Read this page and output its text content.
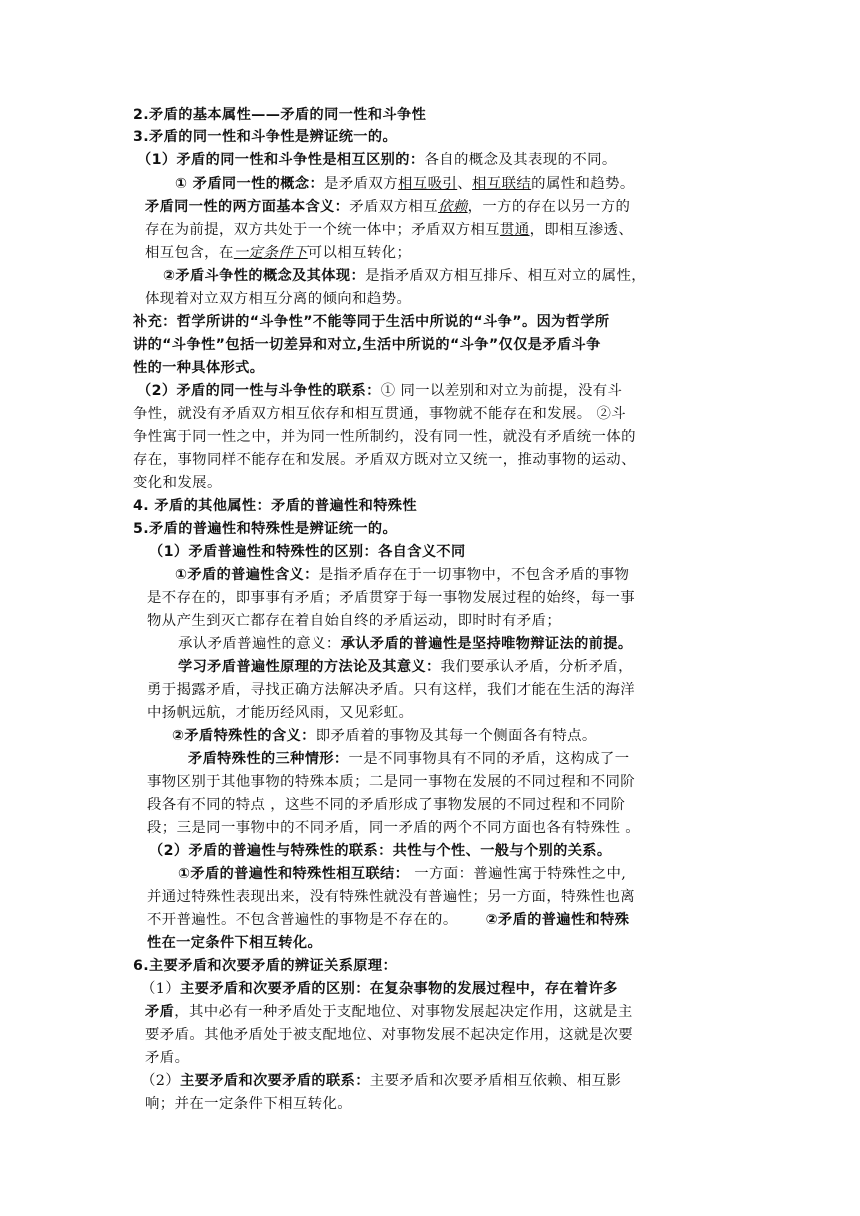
2.矛盾的基本属性——矛盾的同一性和斗争性
3.矛盾的同一性和斗争性是辨证统一的。
（1）矛盾的同一性和斗争性是相互区别的：各自的概念及其表现的不同。
① 矛盾同一性的概念：是矛盾双方相互吸引、相互联结的属性和趋势。
矛盾同一性的两方面基本含义：矛盾双方相互依赖，一方的存在以另一方的
存在为前提，双方共处于一个统一体中；矛盾双方相互贯通，即相互渗透、
相互包含，在一定条件下可以相互转化；
②矛盾斗争性的概念及其体现：是指矛盾双方相互排斥、相互对立的属性，
体现着对立双方相互分离的倾向和趋势。
补充：哲学所讲的“斗争性”不能等同于生活中所说的“斗争”。因为哲学所
讲的“斗争性”包括一切差异和对立,生活中所说的“斗争”仅仅是矛盾斗争
性的一种具体形式。
（2）矛盾的同一性与斗争性的联系：① 同一以差别和对立为前提，没有斗
争性，就没有矛盾双方相互依存和相互贯通，事物就不能存在和发展。 ②斗
争性寓于同一性之中，并为同一性所制约，没有同一性，就没有矛盾统一体的
存在，事物同样不能存在和发展。矛盾双方既对立又统一，推动事物的运动、
变化和发展。
4. 矛盾的其他属性：矛盾的普遍性和特殊性
5.矛盾的普遍性和特殊性是辨证统一的。
（1）矛盾普遍性和特殊性的区别：各自含义不同
①矛盾的普遍性含义：是指矛盾存在于一切事物中，不包含矛盾的事物
是不存在的，即事事有矛盾；矛盾贯穿于每一事物发展过程的始终，每一事
物从产生到灭亡都存在着自始自终的矛盾运动，即时时有矛盾；
承认矛盾普遍性的意义：承认矛盾的普遍性是坚持唯物辩证法的前提。
学习矛盾普遍性原理的方法论及其意义：我们要承认矛盾，分析矛盾，
勇于揭露矛盾，寻找正确方法解决矛盾。只有这样，我们才能在生活的海洋
中扬帆远航，才能历经风雨，又见彩虹。
②矛盾特殊性的含义：即矛盾着的事物及其每一个侧面各有特点。
矛盾特殊性的三种情形：一是不同事物具有不同的矛盾，这构成了一
事物区别于其他事物的特殊本质；二是同一事物在发展的不同过程和不同阶
段各有不同的特点 ，这些不同的矛盾形成了事物发展的不同过程和不同阶
段；三是同一事物中的不同矛盾，同一矛盾的两个不同方面也各有特殊性 。
（2）矛盾的普遍性与特殊性的联系：共性与个性、一般与个别的关系。
①矛盾的普遍性和特殊性相互联结： 一方面：普遍性寓于特殊性之中,
并通过特殊性表现出来，没有特殊性就没有普遍性；另一方面，特殊性也离
不开普遍性。不包含普遍性的事物是不存在的。 ②矛盾的普遍性和特殊
性在一定条件下相互转化。
6.主要矛盾和次要矛盾的辨证关系原理：
（1）主要矛盾和次要矛盾的区别：在复杂事物的发展过程中，存在着许多
矛盾，其中必有一种矛盾处于支配地位、对事物发展起决定作用，这就是主
要矛盾。其他矛盾处于被支配地位、对事物发展不起决定作用，这就是次要
矛盾。
（2）主要矛盾和次要矛盾的联系：主要矛盾和次要矛盾相互依赖、相互影
响；并在一定条件下相互转化。
